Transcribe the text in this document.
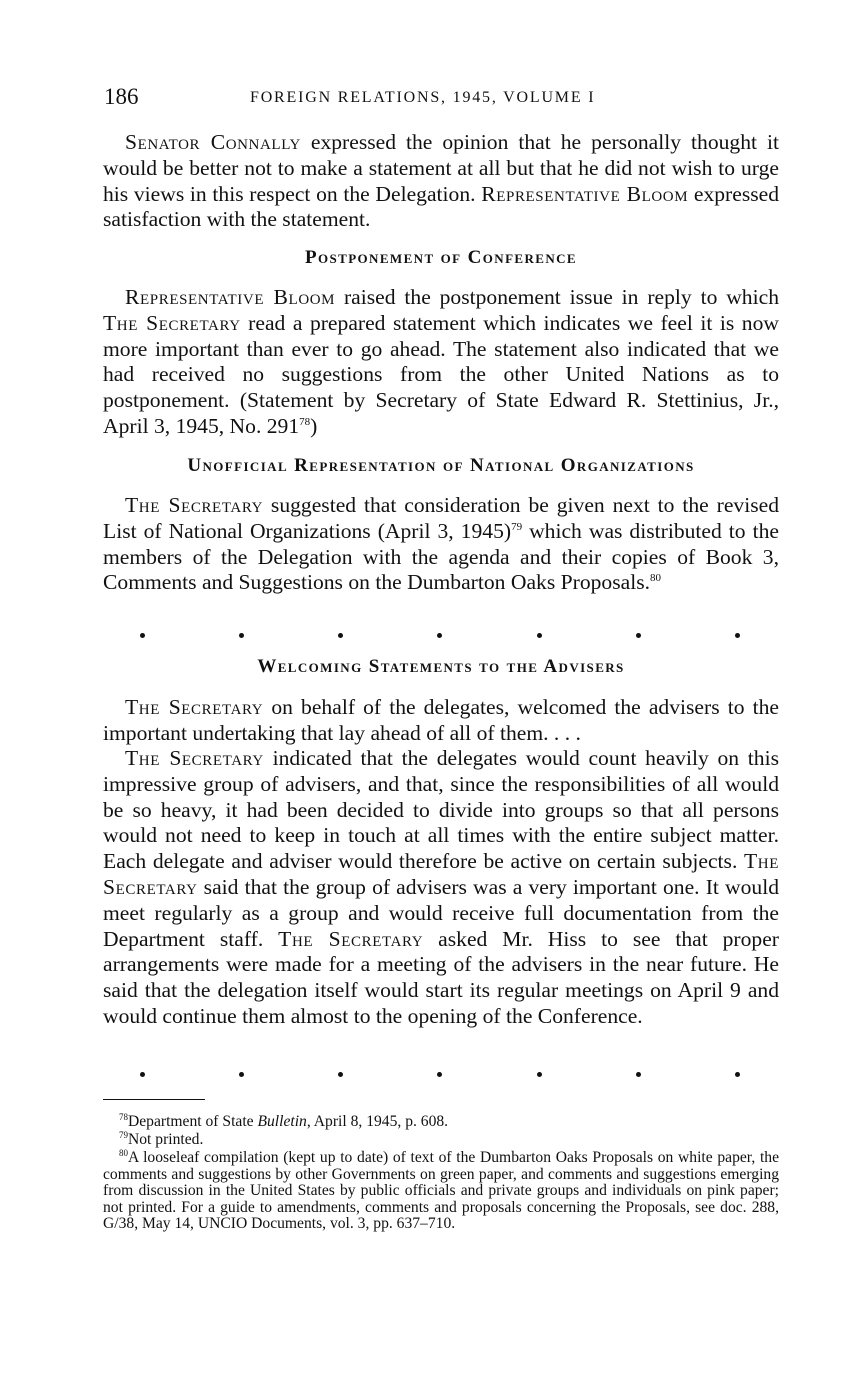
186	FOREIGN RELATIONS, 1945, VOLUME I

Senator Connally expressed the opinion that he personally thought it would be better not to make a statement at all but that he did not wish to urge his views in this respect on the Delegation. Representative Bloom expressed satisfaction with the statement.

Postponement of Conference

Representative Bloom raised the postponement issue in reply to which The Secretary read a prepared statement which indicates we feel it is now more important than ever to go ahead. The statement also indicated that we had received no suggestions from the other United Nations as to postponement. (Statement by Secretary of State Edward R. Stettinius, Jr., April 3, 1945, No. 291$^{78}$)

Unofficial Representation of National Organizations

The Secretary suggested that consideration be given next to the revised List of National Organizations (April 3, 1945)$^{79}$ which was distributed to the members of the Delegation with the agenda and their copies of Book 3, Comments and Suggestions on the Dumbarton Oaks Proposals.$^{80}$

Welcoming Statements to the Advisers

The Secretary on behalf of the delegates, welcomed the advisers to the important undertaking that lay ahead of all of them. . . .

The Secretary indicated that the delegates would count heavily on this impressive group of advisers, and that, since the responsibilities of all would be so heavy, it had been decided to divide into groups so that all persons would not need to keep in touch at all times with the entire subject matter. Each delegate and adviser would therefore be active on certain subjects. The Secretary said that the group of advisers was a very important one. It would meet regularly as a group and would receive full documentation from the Department staff. The Secretary asked Mr. Hiss to see that proper arrangements were made for a meeting of the advisers in the near future. He said that the delegation itself would start its regular meetings on April 9 and would continue them almost to the opening of the Conference.

$^{78}$Department of State Bulletin, April 8, 1945, p. 608.

$^{79}$Not printed.

$^{80}$A looseleaf compilation (kept up to date) of text of the Dumbarton Oaks Proposals on white paper, the comments and suggestions by other Governments on green paper, and comments and suggestions emerging from discussion in the United States by public officials and private groups and individuals on pink paper; not printed. For a guide to amendments, comments and proposals concerning the Proposals, see doc. 288, G/38, May 14, UNCIO Documents, vol. 3, pp. 637–710.
